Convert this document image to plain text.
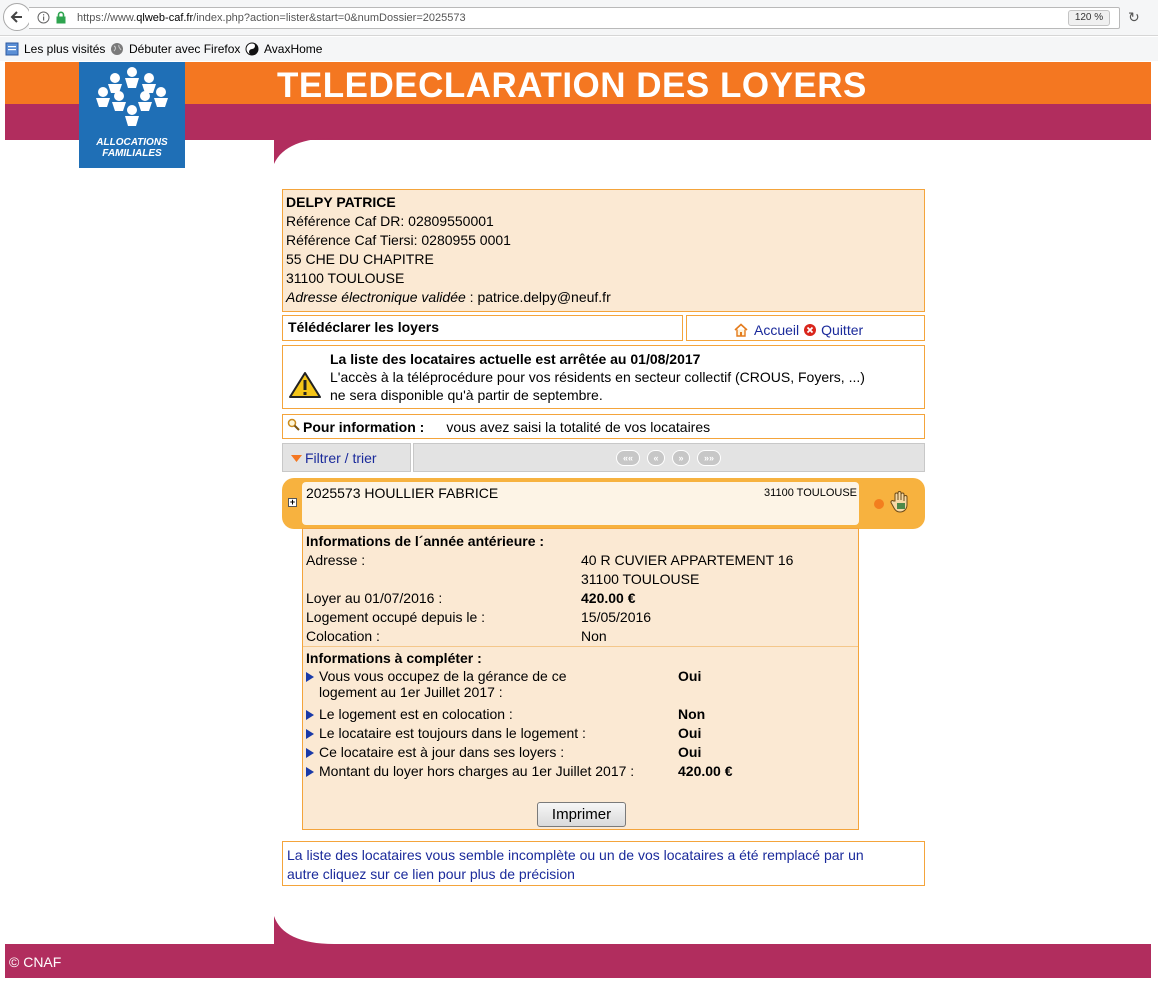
https://www.qlweb-caf.fr/index.php?action=lister&start=0&numDossier=2025573	120 %	↻
Les plus visités Débuter avec Firefox AvaxHome
TELEDECLARATION DES LOYERS
ALLOCATIONS
FAMILIALES
DELPY PATRICE
Référence Caf DR: 02809550001
Référence Caf Tiersi: 0280955 0001
55 CHE DU CHAPITRE
31100 TOULOUSE
Adresse électronique validée : patrice.delpy@neuf.fr
Télédéclarer les loyers	Accueil Quitter
La liste des locataires actuelle est arrêtée au 01/08/2017
L'accès à la téléprocédure pour vos résidents en secteur collectif (CROUS, Foyers, ...)
ne sera disponible qu'à partir de septembre.
Pour information : vous avez saisi la totalité de vos locataires
Filtrer / trier	««	«	»	»»
+
2025573 HOULLIER FABRICE	31100 TOULOUSE
Informations de l´année antérieure :
Adresse :	40 R CUVIER APPARTEMENT 16
31100 TOULOUSE
Loyer au 01/07/2016 :	420.00 €
Logement occupé depuis le :	15/05/2016
Colocation :	Non
Informations à compléter :
Vous vous occupez de la gérance de ce
logement au 1er Juillet 2017 :
Oui
Le logement est en colocation :	Non
Le locataire est toujours dans le logement :	Oui
Ce locataire est à jour dans ses loyers :	Oui
Montant du loyer hors charges au 1er Juillet 2017 :	420.00 €
Imprimer
La liste des locataires vous semble incomplète ou un de vos locataires a été remplacé par un
autre cliquez sur ce lien pour plus de précision
© CNAF
